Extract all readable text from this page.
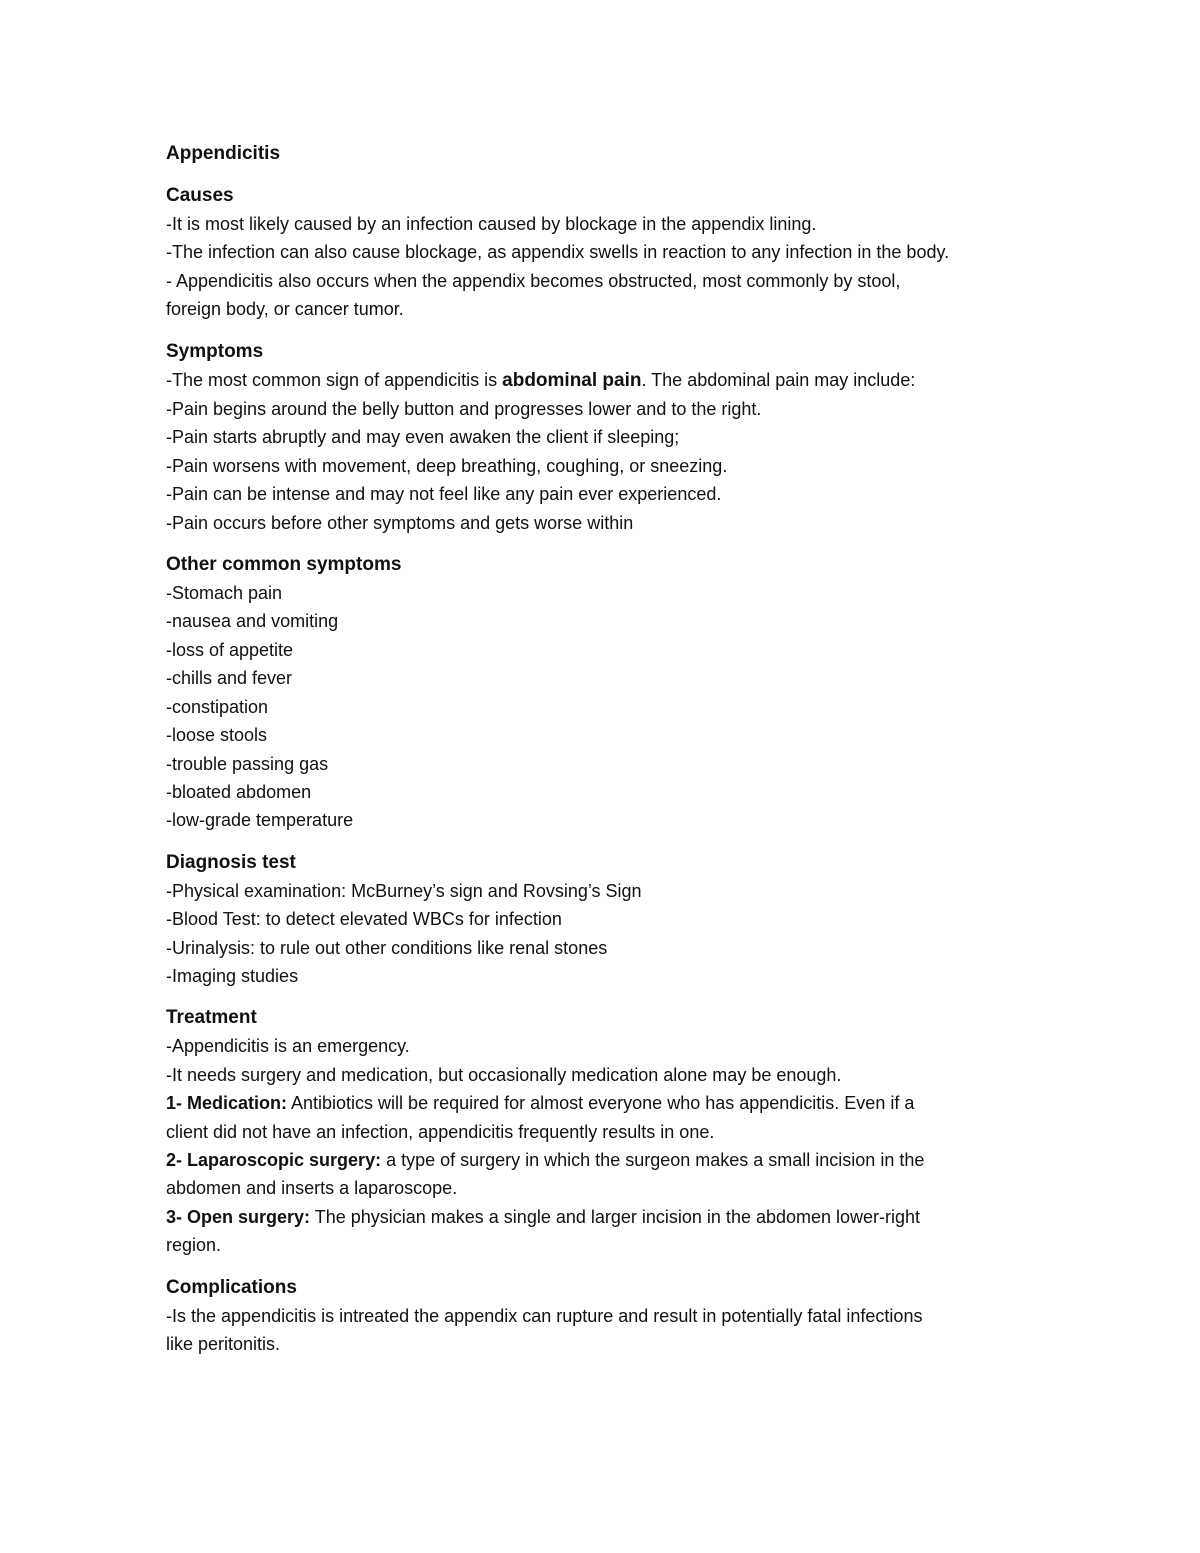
Appendicitis
Causes

-It is most likely caused by an infection caused by blockage in the appendix lining.

-The infection can also cause blockage, as appendix swells in reaction to any infection in the body.

- Appendicitis also occurs when the appendix becomes obstructed, most commonly by stool,

foreign body, or cancer tumor.

Symptoms

-The most common sign of appendicitis is abdominal pain. The abdominal pain may include:

-Pain begins around the belly button and progresses lower and to the right.

-Pain starts abruptly and may even awaken the client if sleeping;

-Pain worsens with movement, deep breathing, coughing, or sneezing.

-Pain can be intense and may not feel like any pain ever experienced.

-Pain occurs before other symptoms and gets worse within

Other common symptoms

-Stomach pain

-nausea and vomiting

-loss of appetite

-chills and fever

-constipation

-loose stools

-trouble passing gas

-bloated abdomen

-low-grade temperature

Diagnosis test

-Physical examination: McBurney’s sign and Rovsing’s Sign

-Blood Test: to detect elevated WBCs for infection

-Urinalysis: to rule out other conditions like renal stones

-Imaging studies

Treatment

-Appendicitis is an emergency.

-It needs surgery and medication, but occasionally medication alone may be enough.

1- Medication: Antibiotics will be required for almost everyone who has appendicitis. Even if a

client did not have an infection, appendicitis frequently results in one.

2- Laparoscopic surgery: a type of surgery in which the surgeon makes a small incision in the

abdomen and inserts a laparoscope.

3- Open surgery: The physician makes a single and larger incision in the abdomen lower-right

region.

Complications

-Is the appendicitis is intreated the appendix can rupture and result in potentially fatal infections

like peritonitis.
